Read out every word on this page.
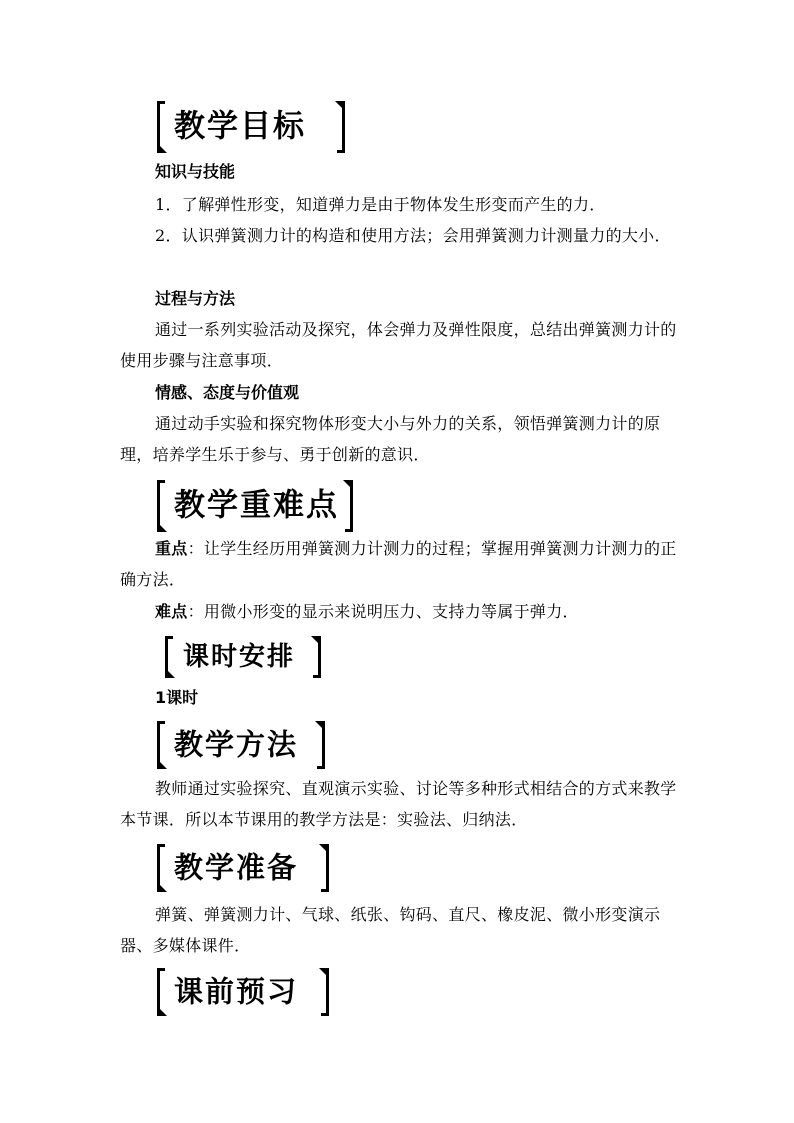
教学目标
知识与技能
1．了解弹性形变，知道弹力是由于物体发生形变而产生的力．
2．认识弹簧测力计的构造和使用方法；会用弹簧测力计测量力的大小．
过程与方法
通过一系列实验活动及探究，体会弹力及弹性限度，总结出弹簧测力计的使用步骤与注意事项．
情感、态度与价值观
通过动手实验和探究物体形变大小与外力的关系，领悟弹簧测力计的原理，培养学生乐于参与、勇于创新的意识．
教学重难点
重点：让学生经历用弹簧测力计测力的过程；掌握用弹簧测力计测力的正确方法．
难点：用微小形变的显示来说明压力、支持力等属于弹力．
课时安排
1课时
教学方法
教师通过实验探究、直观演示实验、讨论等多种形式相结合的方式来教学本节课．所以本节课用的教学方法是：实验法、归纳法．
教学准备
弹簧、弹簧测力计、气球、纸张、钩码、直尺、橡皮泥、微小形变演示器、多媒体课件．
课前预习
